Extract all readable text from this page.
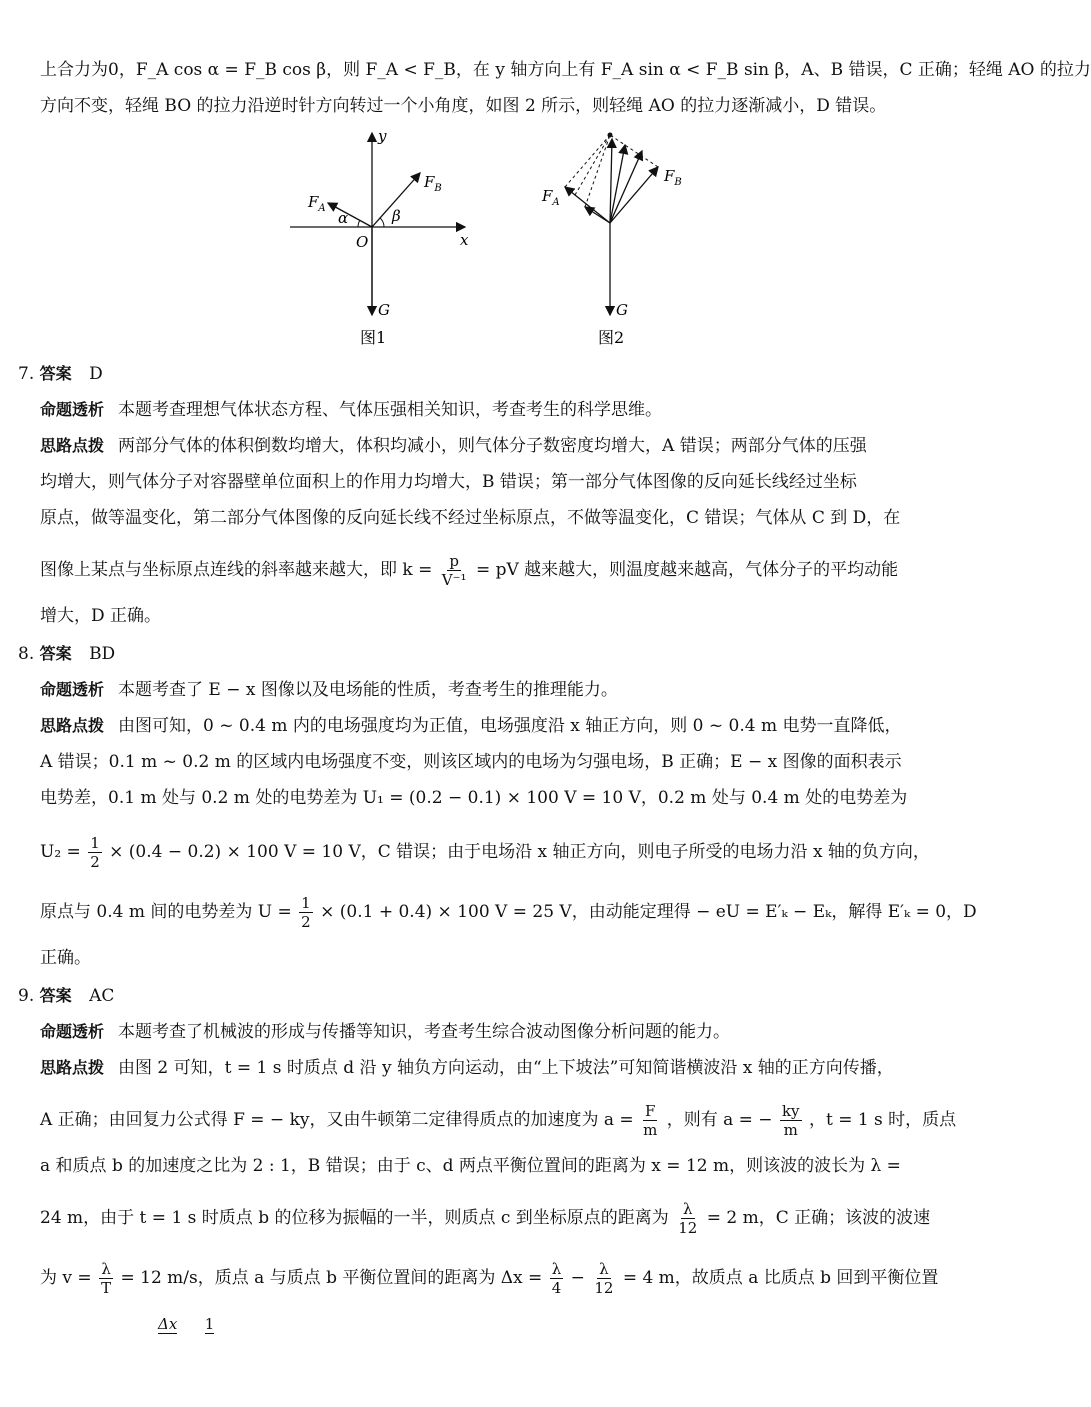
上合力为0，F_A cos α = F_B cos β，则 F_A < F_B，在 y 轴方向上有 F_A sin α < F_B sin β，A、B 错误，C 正确；轻绳 AO 的拉力
方向不变，轻绳 BO 的拉力沿逆时针方向转过一个小角度，如图 2 所示，则轻绳 AO 的拉力逐渐减小，D 错误。
y
x
O
G
$F_A$
$F_B$
α	β
$F_A$
$F_B$
G
图1	图2
7. 答案 D
命题透析 本题考查理想气体状态方程、气体压强相关知识，考查考生的科学思维。
思路点拨 两部分气体的体积倒数均增大，体积均减小，则气体分子数密度均增大，A 错误；两部分气体的压强
均增大，则气体分子对容器壁单位面积上的作用力均增大，B 错误；第一部分气体图像的反向延长线经过坐标
原点，做等温变化，第二部分气体图像的反向延长线不经过坐标原点，不做等温变化，C 错误；气体从 C 到 D，在
图像上某点与坐标原点连线的斜率越来越大，即 $k = \frac{p}{\text{V⁻¹}}$ = pV 越来越大，则温度越来越高，气体分子的平均动能
增大，D 正确。
8. 答案 BD
命题透析 本题考查了 E − x 图像以及电场能的性质，考查考生的推理能力。
思路点拨 由图可知，0 ~ 0.4 m 内的电场强度均为正值，电场强度沿 x 轴正方向，则 0 ~ 0.4 m 电势一直降低，
A 错误；0.1 m ~ 0.2 m 的区域内电场强度不变，则该区域内的电场为匀强电场，B 正确；E − x 图像的面积表示
电势差，0.1 m 处与 0.2 m 处的电势差为 U₁ = (0.2 − 0.1) × 100 V = 10 V，0.2 m 处与 0.4 m 处的电势差为
$U_2 = \frac{1}{2} \times (0.4 - 0.2) \times 100$ V = 10 V，C 错误；由于电场沿 x 轴正方向，则电子所受的电场力沿 x 轴的负方向，
原点与 0.4 m 间的电势差为 $U = \frac{1}{2} \times (0.1 + 0.4) \times 100$ V = 25 V，由动能定理得 − eU = E′ₖ − Eₖ，解得 E′ₖ = 0，D
正确。
9. 答案 AC
命题透析 本题考查了机械波的形成与传播等知识，考查考生综合波动图像分析问题的能力。
思路点拨 由图 2 可知，t = 1 s 时质点 d 沿 y 轴负方向运动，由“上下坡法”可知简谐横波沿 x 轴的正方向传播，
A 正确；由回复力公式得 F = − ky，又由牛顿第二定律得质点的加速度为 $a = \frac{F}{m}$ ，则有 a = − $\frac{ky}{m}$ ，t = 1 s 时，质点
a 和质点 b 的加速度之比为 2 : 1，B 错误；由于 c、d 两点平衡位置间的距离为 x = 12 m，则该波的波长为 λ =
24 m，由于 t = 1 s 时质点 b 的位移为振幅的一半，则质点 c 到坐标原点的距离为 $\frac{\lambda}{12} = 2$ m，C 正确；该波的波速
为 $v = \frac{\lambda}{T} = 12$ m/s，质点 a 与质点 b 平衡位置间的距离为 $\Delta x = \frac{\lambda}{4} - \frac{\lambda}{12} = 4$ m，故质点 a 比质点 b 回到平衡位置
Δx 1
